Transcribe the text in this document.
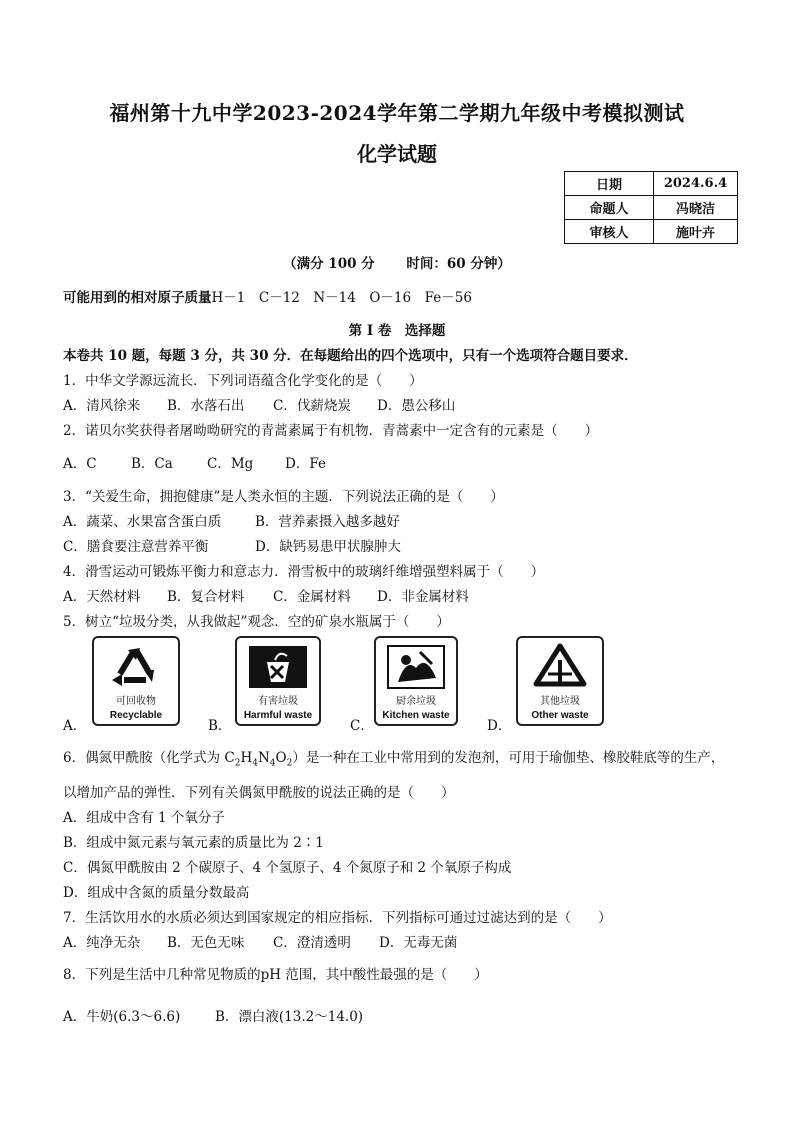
福州第十九中学2023-2024学年第二学期九年级中考模拟测试
化学试题
日期	2024.6.4
命题人	冯晓洁
审核人	施叶卉
（满分 100 分　　 时间：60 分钟）
可能用到的相对原子质量H－1　C－12　N－14　O－16　Fe－56
第 I 卷　选择题
本卷共 10 题，每题 3 分，共 30 分．在每题给出的四个选项中，只有一个选项符合题目要求．
1．中华文学源远流长．下列词语蕴含化学变化的是（　　）
A．清风徐来 B．水落石出 C．伐薪烧炭 D．愚公移山
2．诺贝尔奖获得者屠呦呦研究的青蒿素属于有机物．青蒿素中一定含有的元素是（　　）
A．C	B．Ca	C．Mg D．Fe
3．“关爱生命，拥抱健康”是人类永恒的主题．下列说法正确的是（　　）
A．蔬菜、水果富含蛋白质	B．营养素摄入越多越好
C．膳食要注意营养平衡	D．缺钙易患甲状腺肿大
4．滑雪运动可锻炼平衡力和意志力．滑雪板中的玻璃纤维增强塑料属于（　　）
A．天然材料 B．复合材料 C．金属材料 D．非金属材料
5．树立“垃圾分类，从我做起”观念．空的矿泉水瓶属于（　　）
A．
可回收物
Recyclable
B．
有害垃圾
Harmful waste
C．
厨余垃圾
Kitchen waste
D．
其他垃圾
Other waste
6．偶氮甲酰胺（化学式为 $C_2H_4N_4O_2$）是一种在工业中常用到的发泡剂，可用于瑜伽垫、橡胶鞋底等的生产，
以增加产品的弹性．下列有关偶氮甲酰胺的说法正确的是（　　）
A．组成中含有 1 个氧分子
B．组成中氮元素与氧元素的质量比为 2∶1
C．偶氮甲酰胺由 2 个碳原子、4 个氢原子、4 个氮原子和 2 个氧原子构成
D．组成中含氮的质量分数最高
7．生活饮用水的水质必须达到国家规定的相应指标．下列指标可通过过滤达到的是（　　）
A．纯净无杂 B．无色无味 C．澄清透明 D．无毒无菌
8．下列是生活中几种常见物质的pH 范围，其中酸性最强的是（　　）
A．牛奶(6.3～6.6)	B．漂白液(13.2～14.0)
